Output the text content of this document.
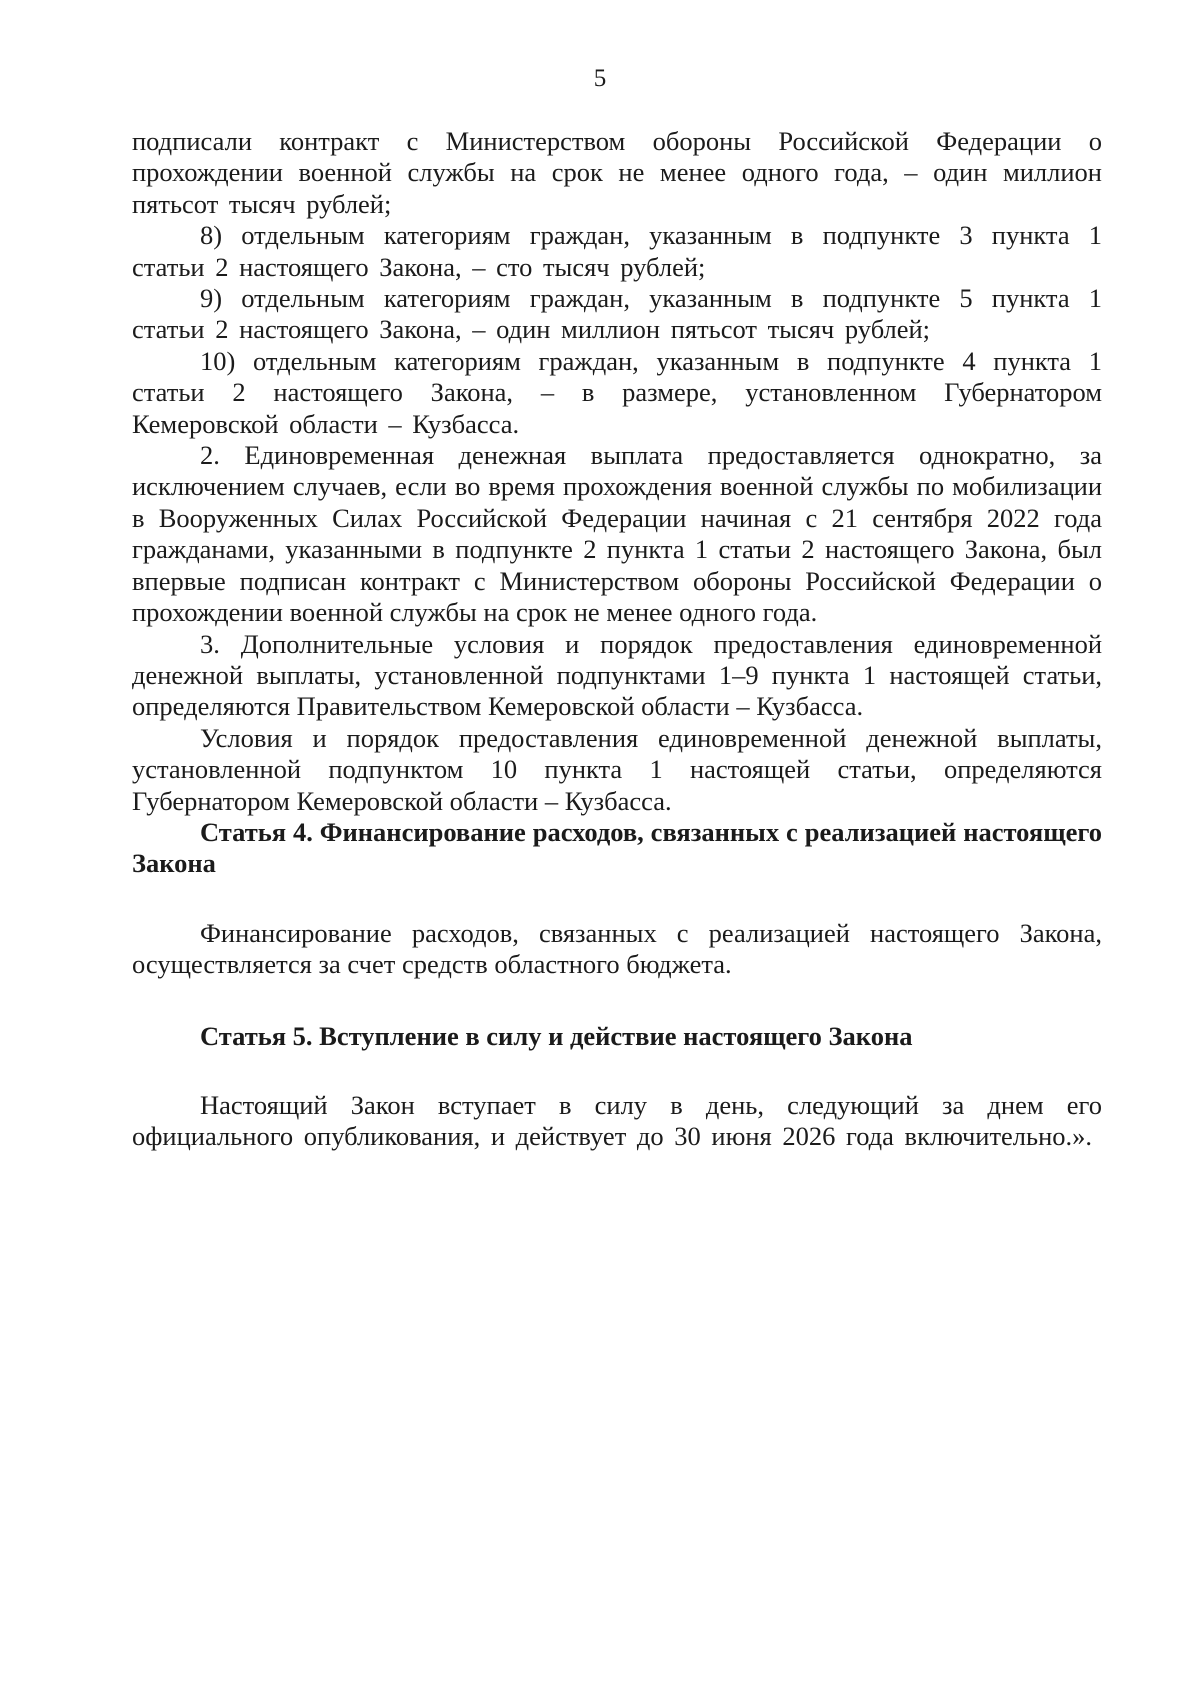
5

подписали контракт с Министерством обороны Российской Федерации о прохождении военной службы на срок не менее одного года, – один миллион пятьсот тысяч рублей;

8) отдельным категориям граждан, указанным в подпункте 3 пункта 1 статьи 2 настоящего Закона, – сто тысяч рублей;

9) отдельным категориям граждан, указанным в подпункте 5 пункта 1 статьи 2 настоящего Закона, – один миллион пятьсот тысяч рублей;

10) отдельным категориям граждан, указанным в подпункте 4 пункта 1 статьи 2 настоящего Закона, – в размере, установленном Губернатором Кемеровской области – Кузбасса.

2. Единовременная денежная выплата предоставляется однократно, за исключением случаев, если во время прохождения военной службы по мобилизации в Вооруженных Силах Российской Федерации начиная с 21 сентября 2022 года гражданами, указанными в подпункте 2 пункта 1 статьи 2 настоящего Закона, был впервые подписан контракт с Министерством обороны Российской Федерации о прохождении военной службы на срок не менее одного года.

3. Дополнительные условия и порядок предоставления единовременной денежной выплаты, установленной подпунктами 1–9 пункта 1 настоящей статьи, определяются Правительством Кемеровской области – Кузбасса.

Условия и порядок предоставления единовременной денежной выплаты, установленной подпунктом 10 пункта 1 настоящей статьи, определяются Губернатором Кемеровской области – Кузбасса.

Статья 4. Финансирование расходов, связанных с реализацией настоящего Закона

Финансирование расходов, связанных с реализацией настоящего Закона, осуществляется за счет средств областного бюджета.

Статья 5. Вступление в силу и действие настоящего Закона

Настоящий Закон вступает в силу в день, следующий за днем его официального опубликования, и действует до 30 июня 2026 года включительно.».
